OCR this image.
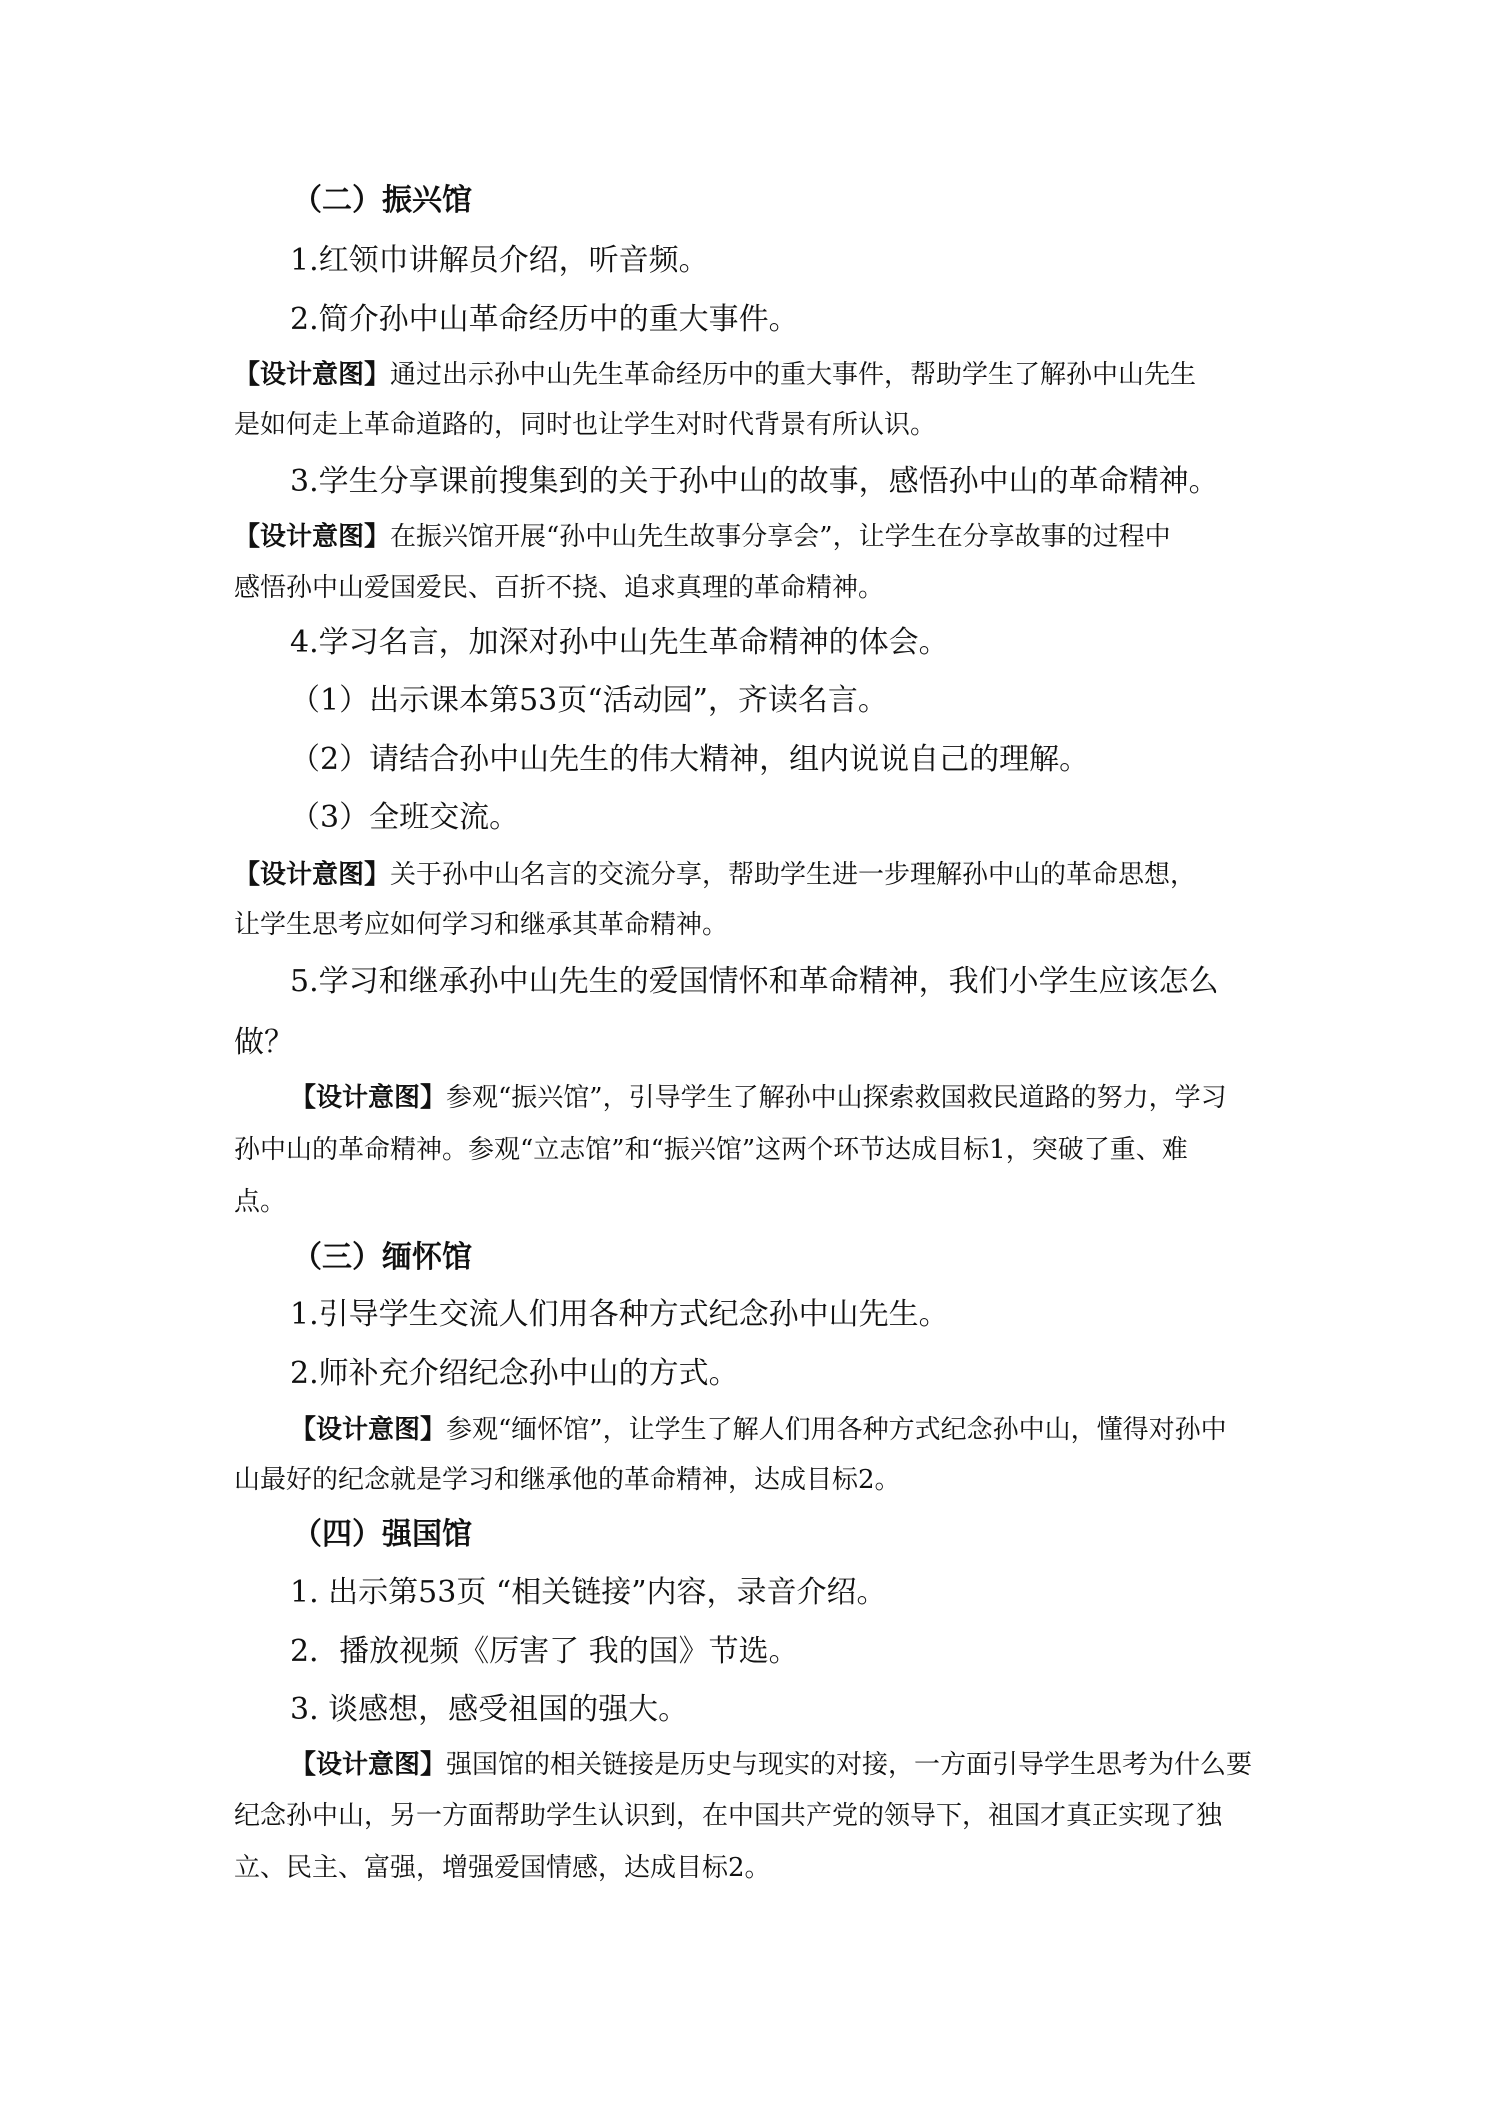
（二）振兴馆

1.红领巾讲解员介绍，听音频。

2.简介孙中山革命经历中的重大事件。

【设计意图】通过出示孙中山先生革命经历中的重大事件，帮助学生了解孙中山先生

是如何走上革命道路的，同时也让学生对时代背景有所认识。

3.学生分享课前搜集到的关于孙中山的故事，感悟孙中山的革命精神。

【设计意图】在振兴馆开展“孙中山先生故事分享会”，让学生在分享故事的过程中

感悟孙中山爱国爱民、百折不挠、追求真理的革命精神。

4.学习名言，加深对孙中山先生革命精神的体会。

（1）出示课本第53页“活动园”，齐读名言。

（2）请结合孙中山先生的伟大精神，组内说说自己的理解。

（3）全班交流。

【设计意图】关于孙中山名言的交流分享，帮助学生进一步理解孙中山的革命思想，

让学生思考应如何学习和继承其革命精神。

5.学习和继承孙中山先生的爱国情怀和革命精神，我们小学生应该怎么

做？

【设计意图】参观“振兴馆”，引导学生了解孙中山探索救国救民道路的努力，学习

孙中山的革命精神。参观“立志馆”和“振兴馆”这两个环节达成目标1，突破了重、难

点。

（三）缅怀馆

1.引导学生交流人们用各种方式纪念孙中山先生。

2.师补充介绍纪念孙中山的方式。

【设计意图】参观“缅怀馆”，让学生了解人们用各种方式纪念孙中山，懂得对孙中

山最好的纪念就是学习和继承他的革命精神，达成目标2。

（四）强国馆

1. 出示第53页 “相关链接”内容，录音介绍。

2．播放视频《厉害了 我的国》节选。

3. 谈感想，感受祖国的强大。

【设计意图】强国馆的相关链接是历史与现实的对接，一方面引导学生思考为什么要

纪念孙中山，另一方面帮助学生认识到，在中国共产党的领导下，祖国才真正实现了独

立、民主、富强，增强爱国情感，达成目标2。
